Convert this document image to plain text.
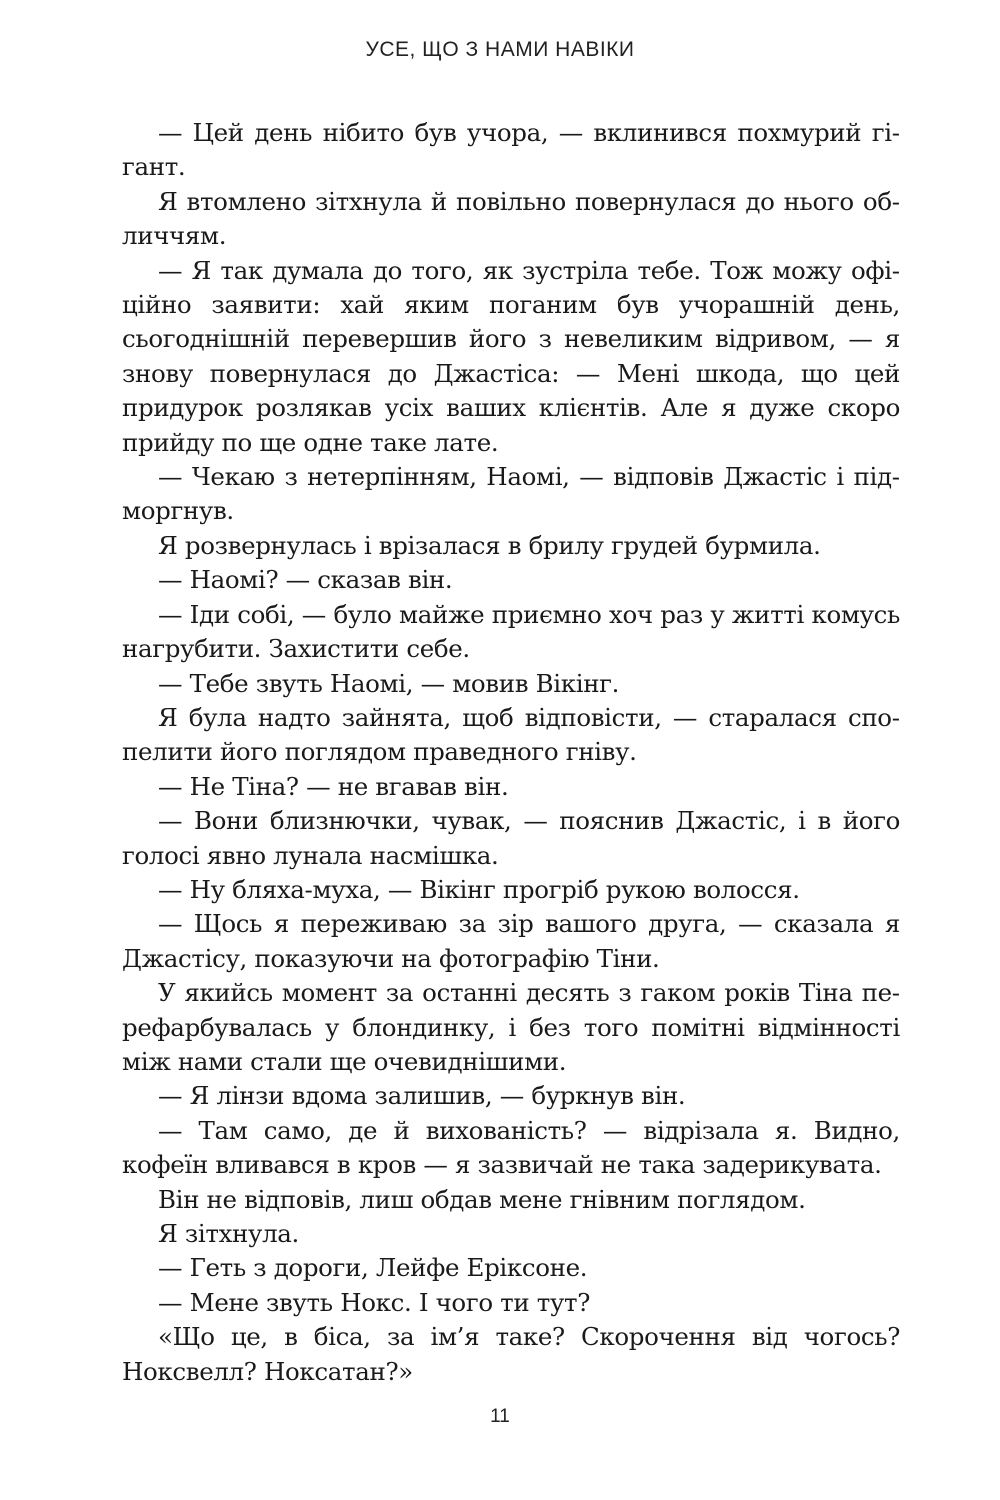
УСЕ, ЩО З НАМИ НАВІКИ

— Цей день нібито був учора, — вклинився похмурий гігант.

Я втомлено зітхнула й повільно повернулася до нього обличчям.

— Я так думала до того, як зустріла тебе. Тож можу офіційно заявити: хай яким поганим був учорашній день, сьогоднішній перевершив його з невеликим відривом, — я знову повернулася до Джастіса: — Мені шкода, що цей придурок розлякав усіх ваших клієнтів. Але я дуже скоро прийду по ще одне таке лате.

— Чекаю з нетерпінням, Наомі, — відповів Джастіс і підморгнув.

Я розвернулась і врізалася в брилу грудей бурмила.

— Наомі? — сказав він.

— Іди собі, — було майже приємно хоч раз у житті комусь нагрубити. Захистити себе.

— Тебе звуть Наомі, — мовив Вікінг.

Я була надто зайнята, щоб відповісти, — старалася спопелити його поглядом праведного гніву.

— Не Тіна? — не вгавав він.

— Вони близнючки, чувак, — пояснив Джастіс, і в його голосі явно лунала насмішка.

— Ну бляха-муха, — Вікінг прогріб рукою волосся.

— Щось я переживаю за зір вашого друга, — сказала я Джастісу, показуючи на фотографію Тіни.

У якийсь момент за останні десять з гаком років Тіна перефарбувалась у блондинку, і без того помітні відмінності між нами стали ще очевиднішими.

— Я лінзи вдома залишив, — буркнув він.

— Там само, де й вихованість? — відрізала я. Видно, кофеїн вливався в кров — я зазвичай не така задерикувата.

Він не відповів, лиш обдав мене гнівним поглядом.

Я зітхнула.

— Геть з дороги, Лейфе Еріксоне.

— Мене звуть Нокс. І чого ти тут?

«Що це, в біса, за ім’я таке? Скорочення від чогось? Ноксвелл? Ноксатан?»

11
